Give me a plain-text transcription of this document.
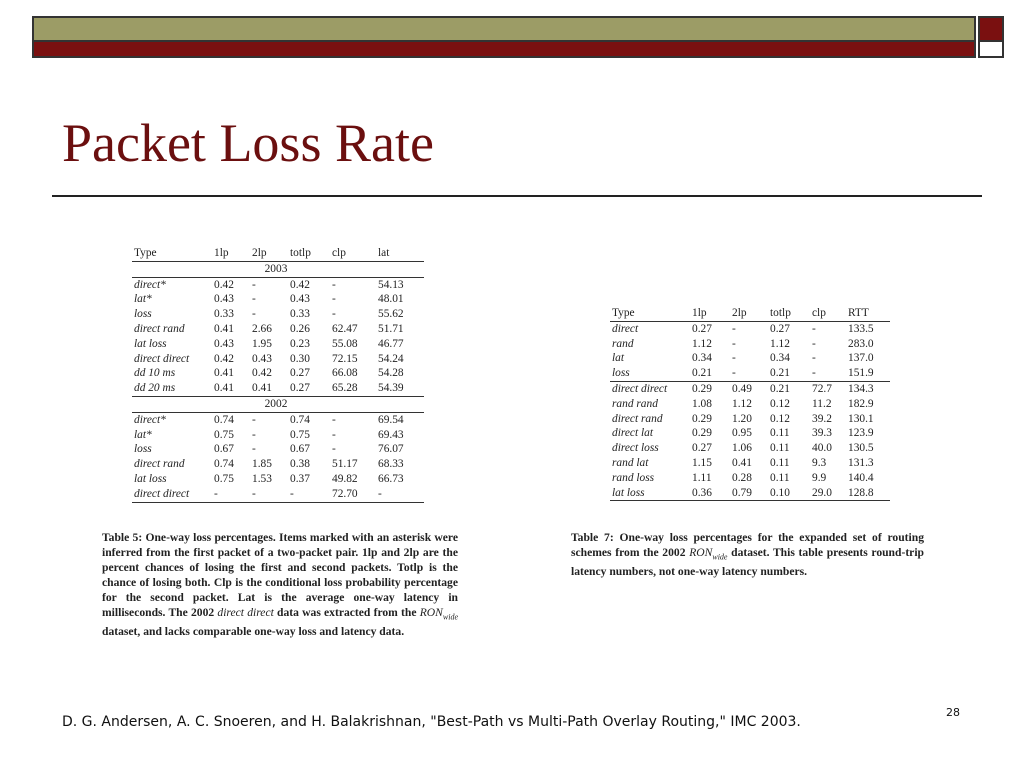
Packet Loss Rate
Type	1lp	2lp	totlp	clp	lat
2003					
direct*	0.42	-	0.42	-	54.13
lat*	0.43	-	0.43	-	48.01
loss	0.33	-	0.33	-	55.62
direct rand	0.41	2.66	0.26	62.47	51.71
lat loss	0.43	1.95	0.23	55.08	46.77
direct direct	0.42	0.43	0.30	72.15	54.24
dd 10 ms	0.41	0.42	0.27	66.08	54.28
dd 20 ms	0.41	0.41	0.27	65.28	54.39
2002					
direct*	0.74	-	0.74	-	69.54
lat*	0.75	-	0.75	-	69.43
loss	0.67	-	0.67	-	76.07
direct rand	0.74	1.85	0.38	51.17	68.33
lat loss	0.75	1.53	0.37	49.82	66.73
direct direct	-	-	-	72.70	-
Table 5: One-way loss percentages. Items marked with an asterisk were inferred from the first packet of a two-packet pair. 1lp and 2lp are the percent chances of losing the first and second packets. Totlp is the chance of losing both. Clp is the conditional loss probability percentage for the second packet. Lat is the average one-way latency in milliseconds. The 2002 direct direct data was extracted from the $RON_{wide}$ dataset, and lacks comparable one-way loss and latency data.
Type	1lp	2lp	totlp	clp	RTT
direct	0.27	-	0.27	-	133.5
rand	1.12	-	1.12	-	283.0
lat	0.34	-	0.34	-	137.0
loss	0.21	-	0.21	-	151.9
direct direct	0.29	0.49	0.21	72.7	134.3
rand rand	1.08	1.12	0.12	11.2	182.9
direct rand	0.29	1.20	0.12	39.2	130.1
direct lat	0.29	0.95	0.11	39.3	123.9
direct loss	0.27	1.06	0.11	40.0	130.5
rand lat	1.15	0.41	0.11	9.3	131.3
rand loss	1.11	0.28	0.11	9.9	140.4
lat loss	0.36	0.79	0.10	29.0	128.8
Table 7: One-way loss percentages for the expanded set of routing schemes from the 2002 $RON_{wide}$ dataset. This table presents round-trip latency numbers, not one-way latency numbers.
D. G. Andersen, A. C. Snoeren, and H. Balakrishnan, "Best-Path vs Multi-Path Overlay Routing," IMC 2003.
28
